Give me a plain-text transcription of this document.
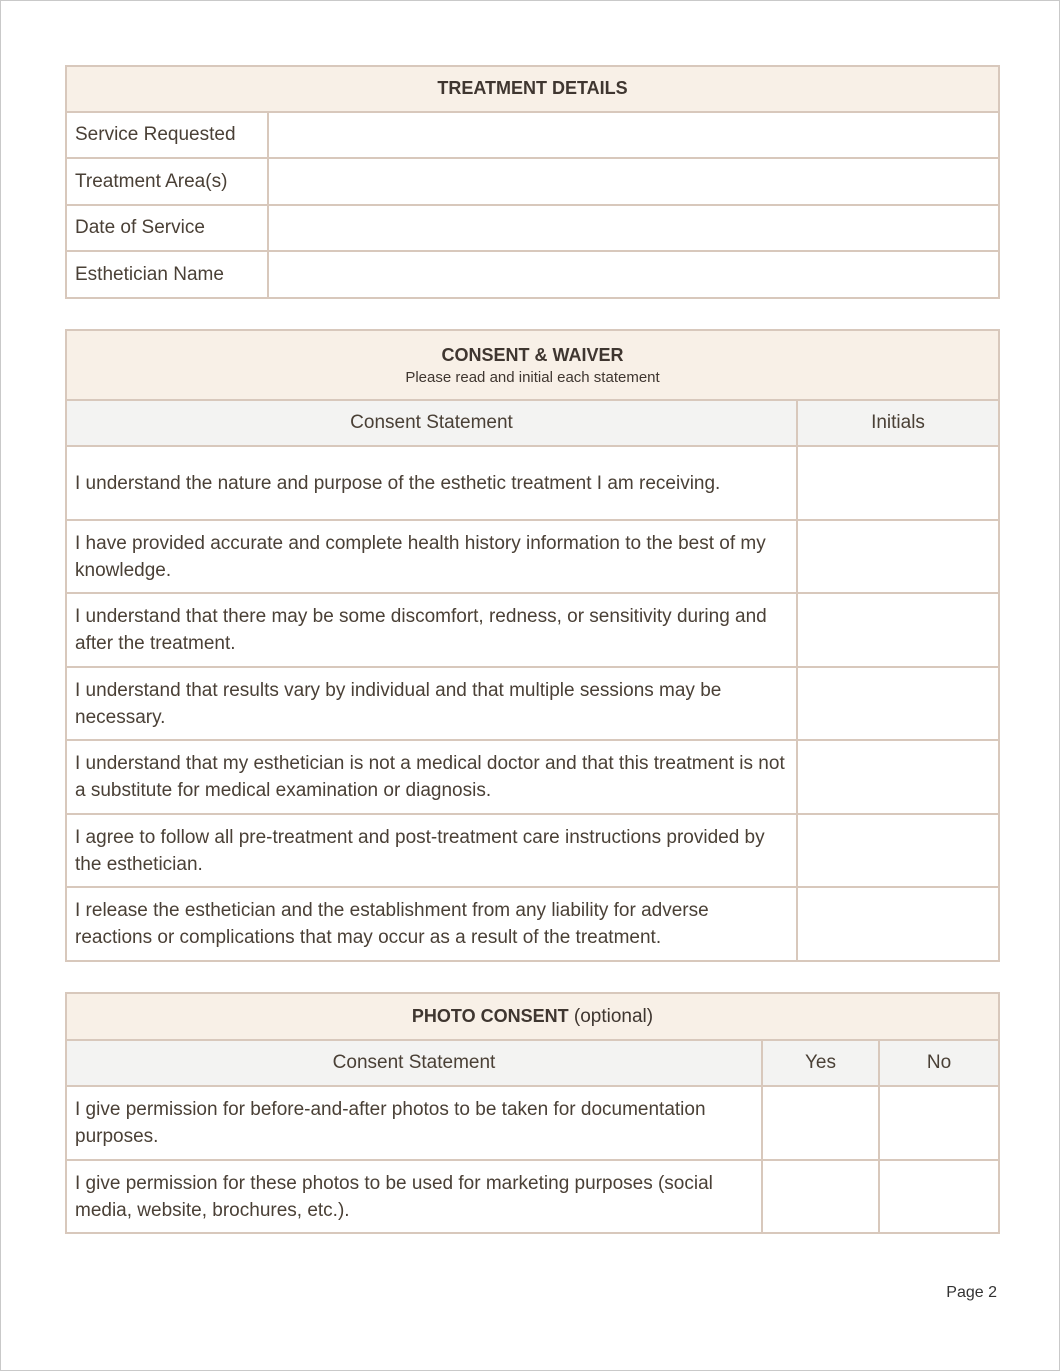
TREATMENT DETAILS	
Service Requested	
Treatment Area(s)	
Date of Service	
Esthetician Name	
CONSENT & WAIVER
Please read and initial each statement	

Consent Statement	Initials
I understand the nature and purpose of the esthetic treatment I am receiving.	
I have provided accurate and complete health history information to the best of my knowledge.	
I understand that there may be some discomfort, redness, or sensitivity during and after the treatment.	
I understand that results vary by individual and that multiple sessions may be necessary.	
I understand that my esthetician is not a medical doctor and that this treatment is not a substitute for medical examination or diagnosis.	
I agree to follow all pre-treatment and post-treatment care instructions provided by the esthetician.	
I release the esthetician and the establishment from any liability for adverse reactions or complications that may occur as a result of the treatment.	
PHOTO CONSENT (optional)		
Consent Statement	Yes	No
I give permission for before-and-after photos to be taken for documentation purposes.		
I give permission for these photos to be used for marketing purposes (social media, website, brochures, etc.).		
Page 2
